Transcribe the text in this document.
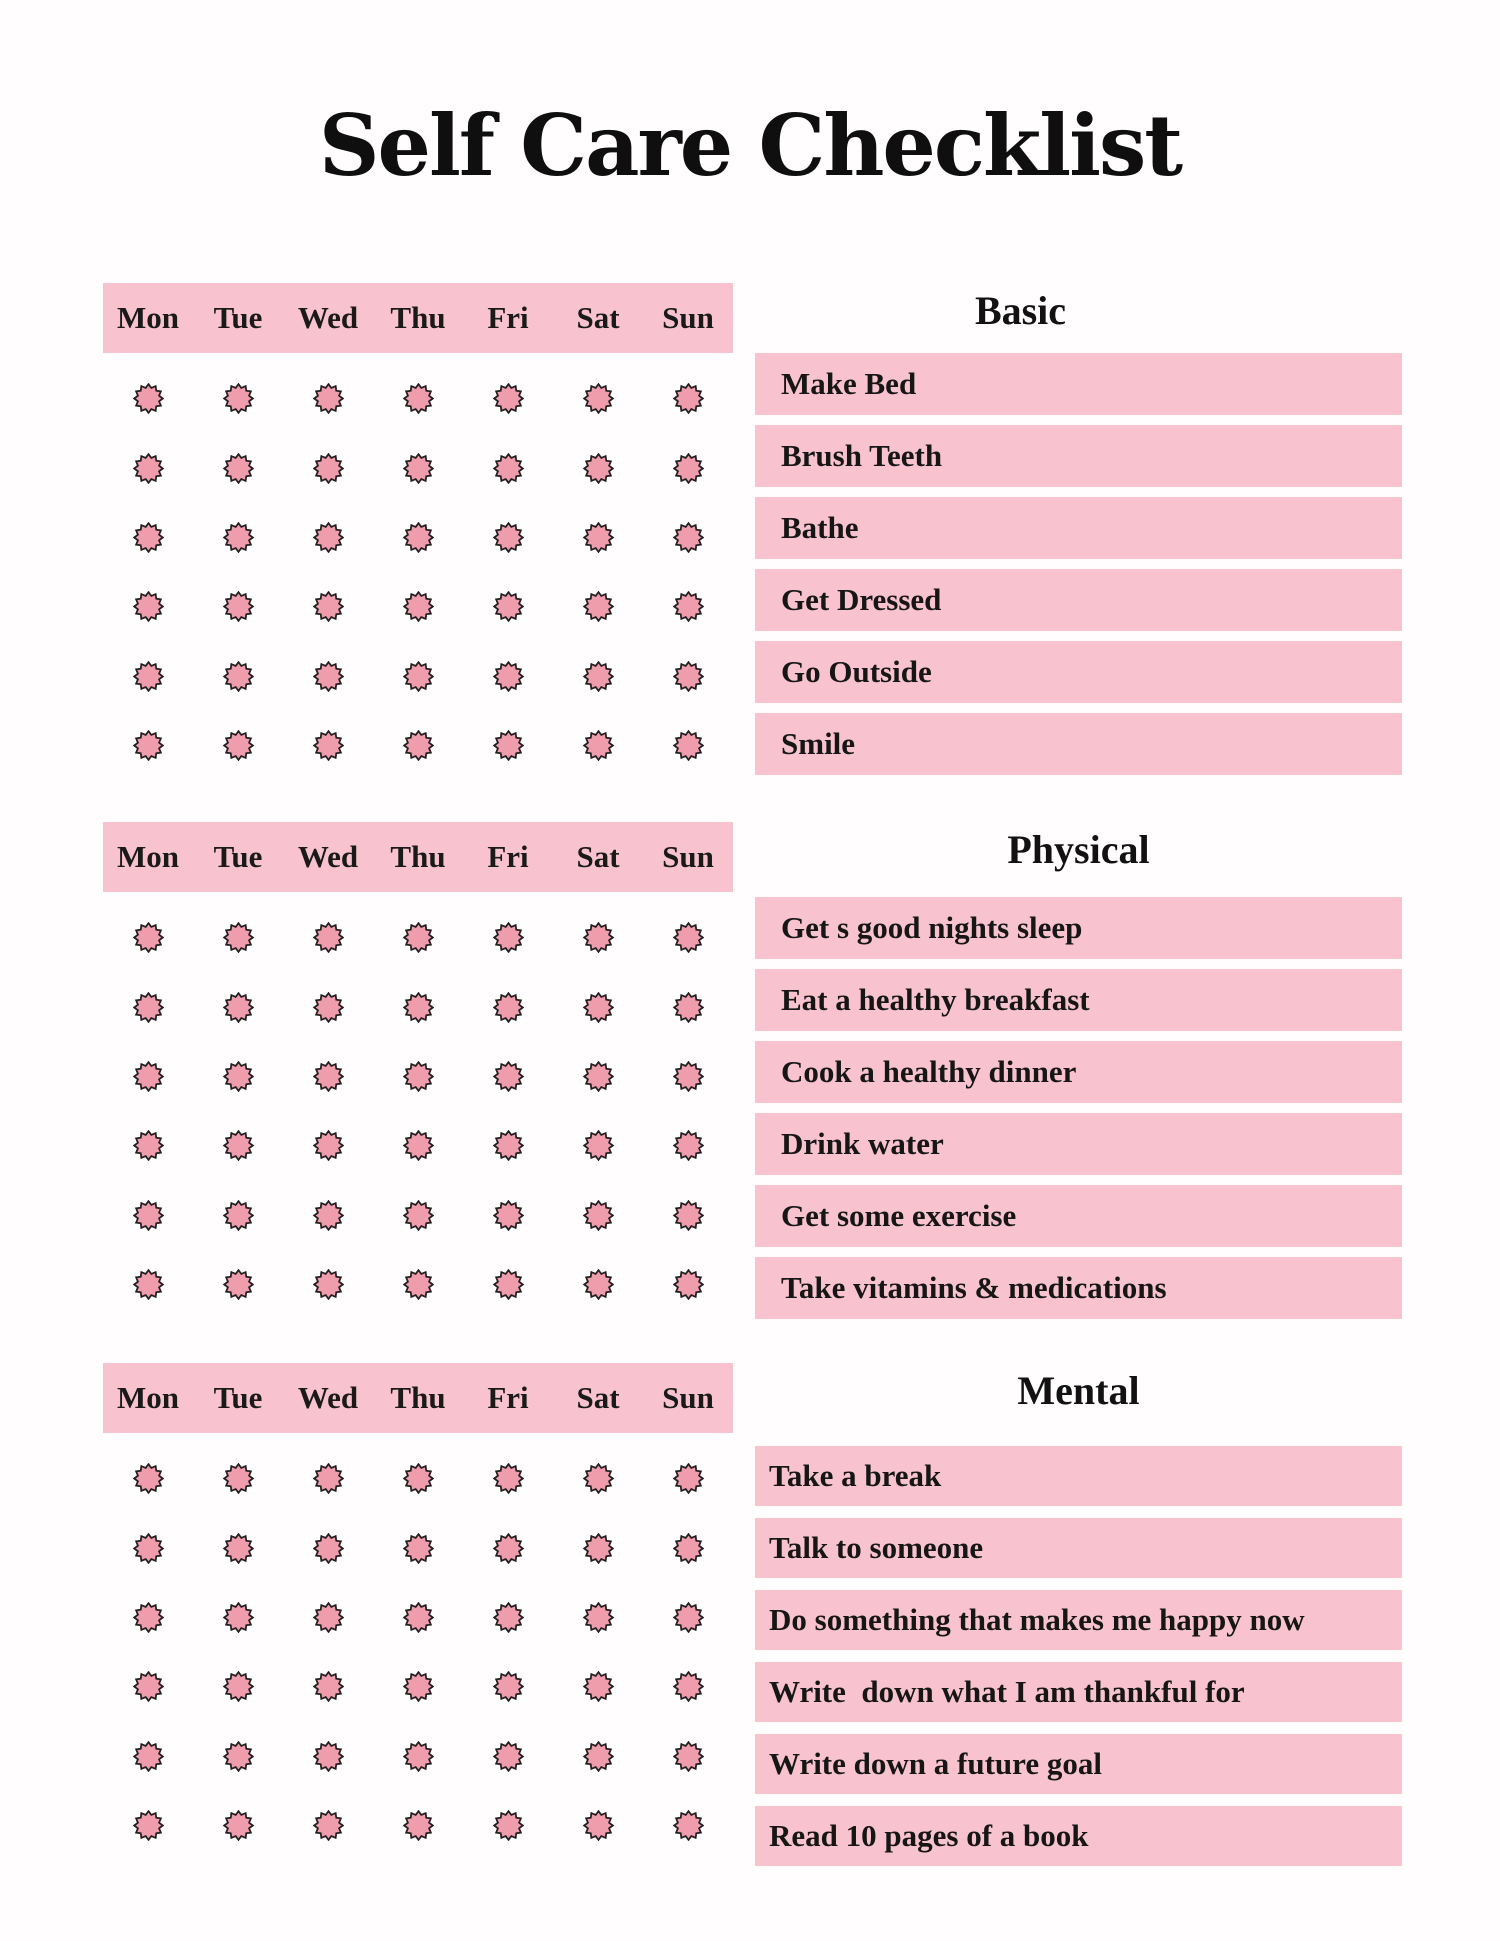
Self Care Checklist
Mon	Tue	Wed	Thu	Fri	Sat	Sun	Basic
Make Bed
Brush Teeth
Bathe
Get Dressed
Go Outside
Smile
Mon	Tue	Wed	Thu	Fri	Sat	Sun	Physical
Get s good nights sleep
Eat a healthy breakfast
Cook a healthy dinner
Drink water
Get some exercise
Take vitamins & medications
Mon	Tue	Wed	Thu	Fri	Sat	Sun	Mental
Take a break
Talk to someone
Do something that makes me happy now
Write  down what I am thankful for
Write down a future goal
Read 10 pages of a book
